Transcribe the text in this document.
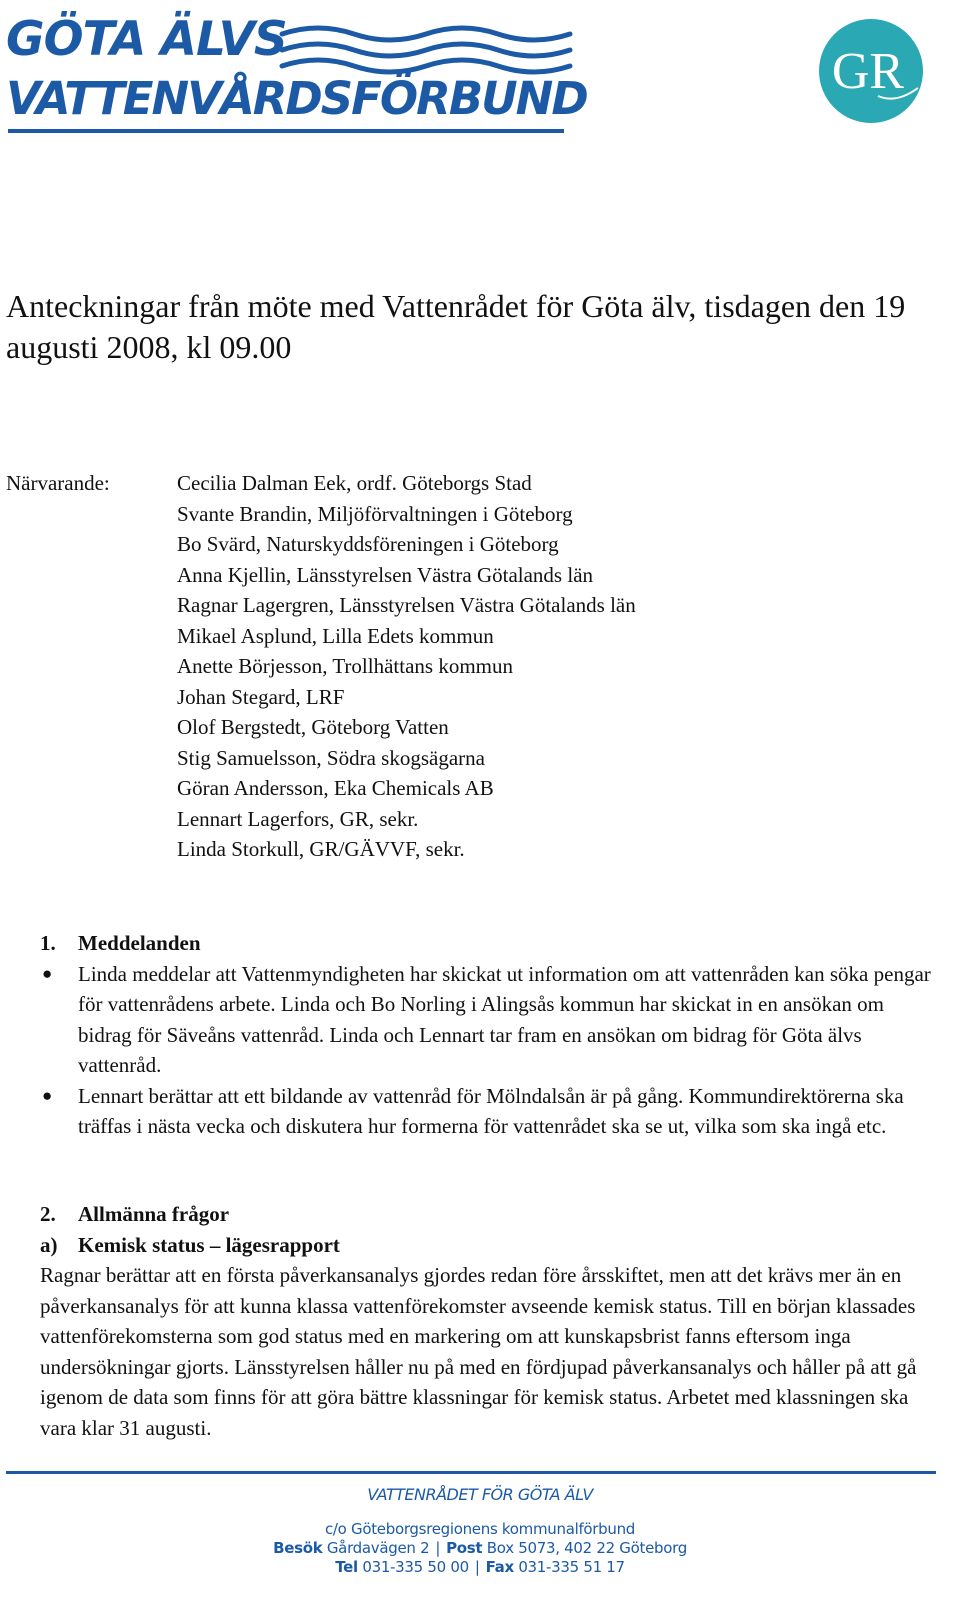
GÖTA ÄLVS
VATTENVÅRDSFÖRBUND	GR
Anteckningar från möte med Vattenrådet för Göta älv, tisdagen den 19 augusti 2008, kl 09.00
Närvarande:	Cecilia Dalman Eek, ordf. Göteborgs Stad
Svante Brandin, Miljöförvaltningen i Göteborg
Bo Svärd, Naturskyddsföreningen i Göteborg
Anna Kjellin, Länsstyrelsen Västra Götalands län
Ragnar Lagergren, Länsstyrelsen Västra Götalands län
Mikael Asplund, Lilla Edets kommun
Anette Börjesson, Trollhättans kommun
Johan Stegard, LRF
Olof Bergstedt, Göteborg Vatten
Stig Samuelsson, Södra skogsägarna
Göran Andersson, Eka Chemicals AB
Lennart Lagerfors, GR, sekr.
Linda Storkull, GR/GÄVVF, sekr.
1.	Meddelanden
●	Linda meddelar att Vattenmyndigheten har skickat ut information om att vattenråden kan söka pengar för vattenrådens arbete. Linda och Bo Norling i Alingsås kommun har skickat in en ansökan om bidrag för Säveåns vattenråd. Linda och Lennart tar fram en ansökan om bidrag för Göta älvs vattenråd.
●	Lennart berättar att ett bildande av vattenråd för Mölndalsån är på gång. Kommundirektörerna ska träffas i nästa vecka och diskutera hur formerna för vattenrådet ska se ut, vilka som ska ingå etc.
2.	Allmänna frågor
a) Kemisk status – lägesrapport

Ragnar berättar att en första påverkansanalys gjordes redan före årsskiftet, men att det krävs mer än en påverkansanalys för att kunna klassa vattenförekomster avseende kemisk status. Till en början klassades vattenförekomsterna som god status med en markering om att kunskapsbrist fanns eftersom inga undersökningar gjorts. Länsstyrelsen håller nu på med en fördjupad påverkansanalys och håller på att gå igenom de data som finns för att göra bättre klassningar för kemisk status. Arbetet med klassningen ska vara klar 31 augusti.

VATTENRÅDET FÖR GÖTA ÄLV
c/o Göteborgsregionens kommunalförbund
Besök Gårdavägen 2 | Post Box 5073, 402 22 Göteborg
Tel 031-335 50 00 | Fax 031-335 51 17
